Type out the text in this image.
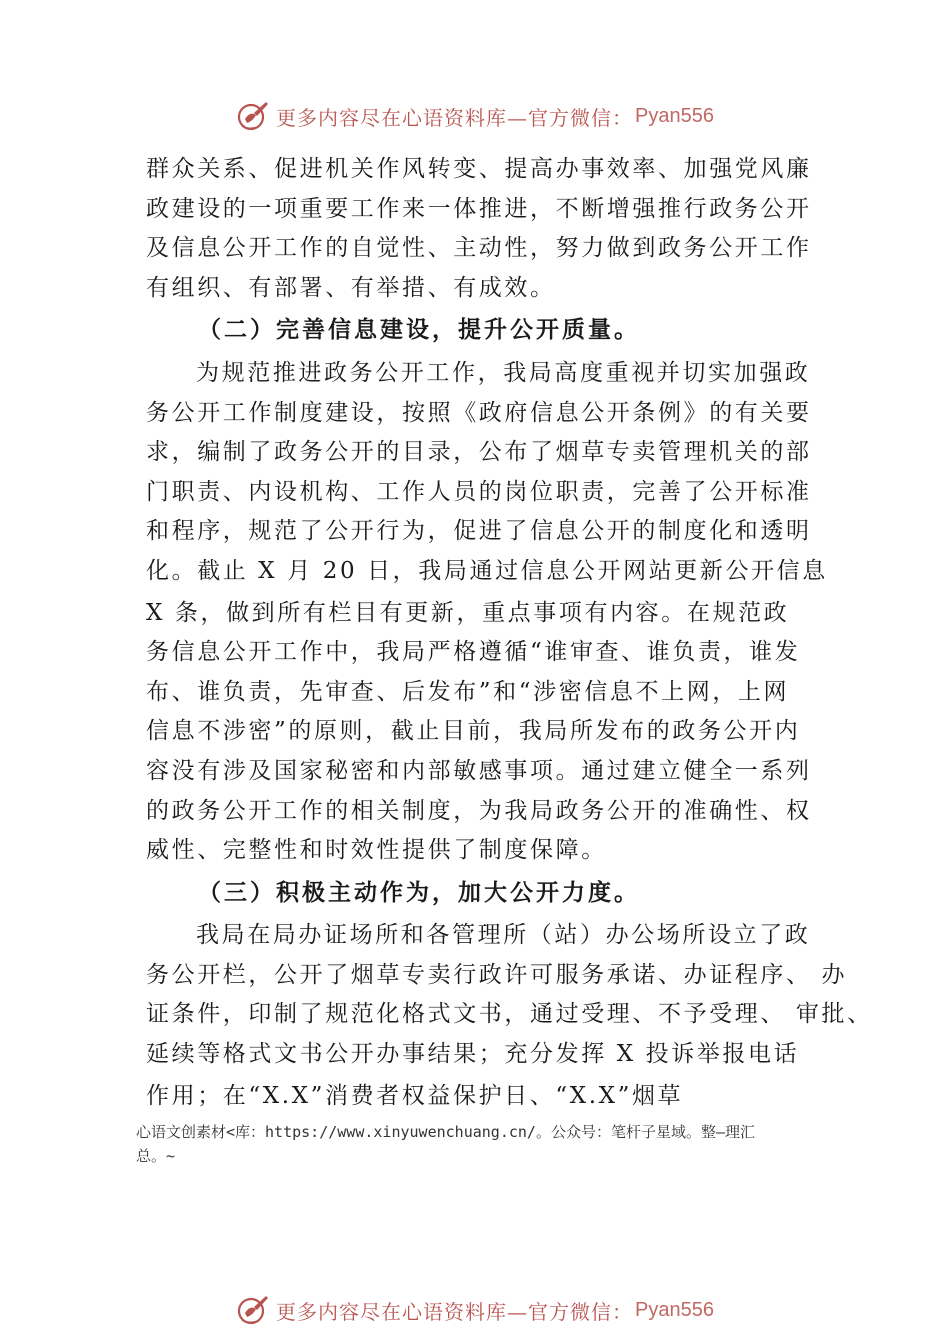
更多内容尽在心语资料库—官方微信： Pyan556
群众关系、促进机关作风转变、提高办事效率、加强党风廉
政建设的一项重要工作来一体推进，不断增强推行政务公开
及信息公开工作的自觉性、主动性，努力做到政务公开工作
有组织、有部署、有举措、有成效。
（二）完善信息建设，提升公开质量。
为规范推进政务公开工作，我局高度重视并切实加强政
务公开工作制度建设，按照《政府信息公开条例》的有关要
求，编制了政务公开的目录，公布了烟草专卖管理机关的部
门职责、内设机构、工作人员的岗位职责，完善了公开标准
和程序，规范了公开行为，促进了信息公开的制度化和透明
化。截止 X 月 20 日，我局通过信息公开网站更新公开信息
X 条，做到所有栏目有更新，重点事项有内容。在规范政
务信息公开工作中，我局严格遵循“谁审查、谁负责，谁发
布、谁负责，先审查、后发布”和“涉密信息不上网，上网
信息不涉密”的原则，截止目前，我局所发布的政务公开内
容没有涉及国家秘密和内部敏感事项。通过建立健全一系列
的政务公开工作的相关制度，为我局政务公开的准确性、权
威性、完整性和时效性提供了制度保障。
（三）积极主动作为，加大公开力度。
我局在局办证场所和各管理所（站）办公场所设立了政
务公开栏，公开了烟草专卖行政许可服务承诺、办证程序、 办
证条件，印制了规范化格式文书，通过受理、不予受理、 审批、
延续等格式文书公开办事结果；充分发挥 X 投诉举报电话
作用；在“X.X”消费者权益保护日、“X.X”烟草
心语文创素材<库：https://www.xinyuwenchuang.cn/。公众号：笔杆子星域。整—理汇
总。~
更多内容尽在心语资料库—官方微信： Pyan556
